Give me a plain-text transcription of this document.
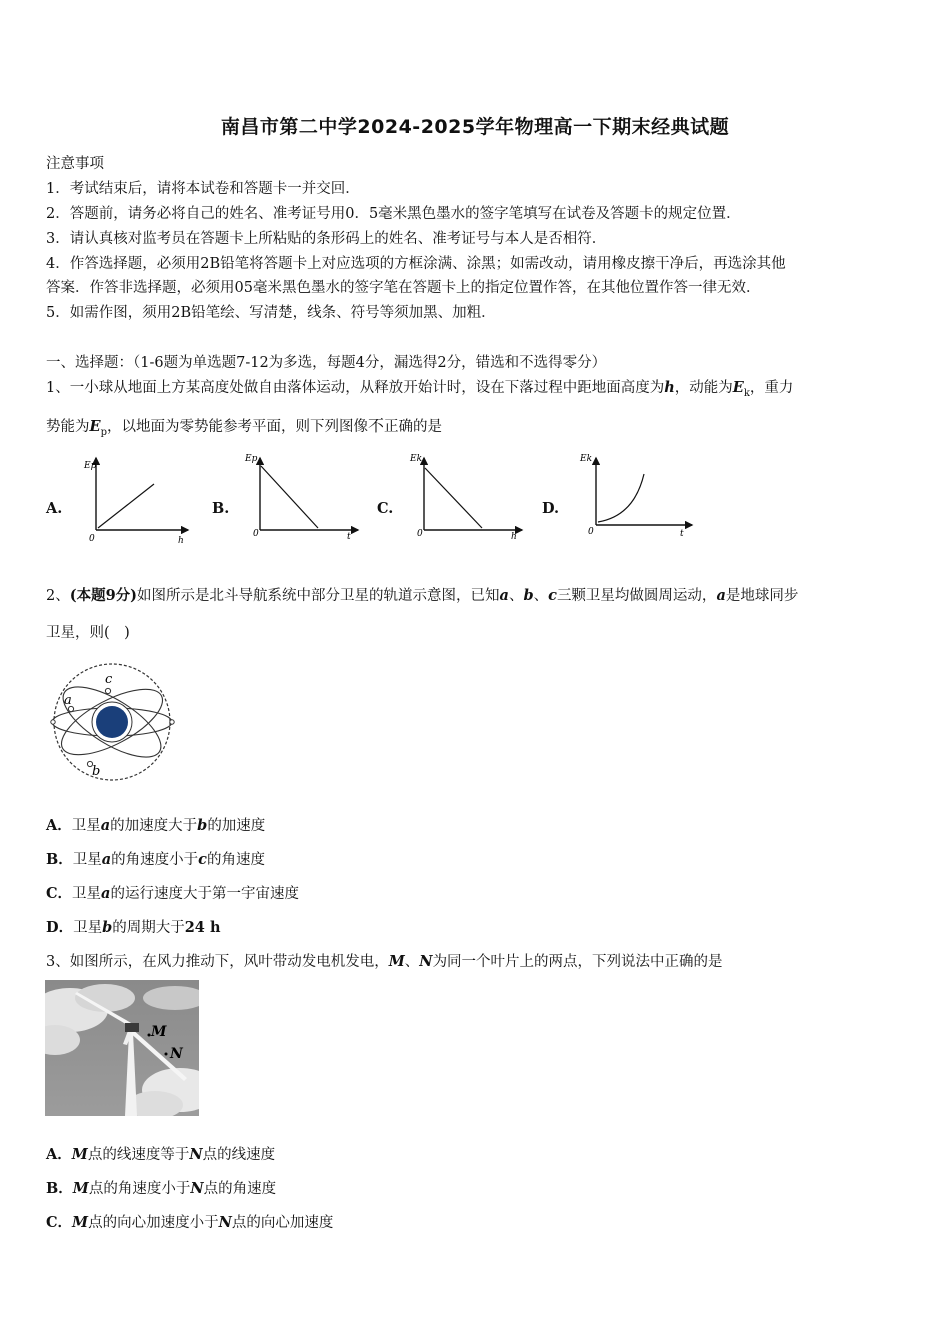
南昌市第二中学2024-2025学年物理高一下期末经典试题
注意事项
1．考试结束后，请将本试卷和答题卡一并交回．
2．答题前，请务必将自己的姓名、准考证号用0．5毫米黑色墨水的签字笔填写在试卷及答题卡的规定位置．
3．请认真核对监考员在答题卡上所粘贴的条形码上的姓名、准考证号与本人是否相符．
4．作答选择题，必须用2B铅笔将答题卡上对应选项的方框涂满、涂黑；如需改动，请用橡皮擦干净后，再选涂其他
答案．作答非选择题，必须用05毫米黑色墨水的签字笔在答题卡上的指定位置作答，在其他位置作答一律无效．
5．如需作图，须用2B铅笔绘、写清楚，线条、符号等须加黑、加粗．
一、选择题：（1-6题为单选题7-12为多选，每题4分，漏选得2分，错选和不选得零分）
1、一小球从地面上方某高度处做自由落体运动，从释放开始计时，设在下落过程中距地面高度为h，动能为$E_k$，重力
势能为$E_p$，以地面为零势能参考平面，则下列图像不正确的是
A.	B.	C.	D.
Ep
0	h
Ep
0	t
Ek
0	h
Ek
0	t
2、(本题9分)如图所示是北斗导航系统中部分卫星的轨道示意图，已知a、b、c三颗卫星均做圆周运动，a是地球同步
卫星，则(　)
c
a
b
A．卫星a的加速度大于b的加速度
B．卫星a的角速度小于c的角速度
C．卫星a的运行速度大于第一宇宙速度
D．卫星b的周期大于24 h
3、如图所示，在风力推动下，风叶带动发电机发电，M、N为同一个叶片上的两点，下列说法中正确的是
M
N
A．M点的线速度等于N点的线速度
B．M点的角速度小于N点的角速度
C．M点的向心加速度小于N点的向心加速度
